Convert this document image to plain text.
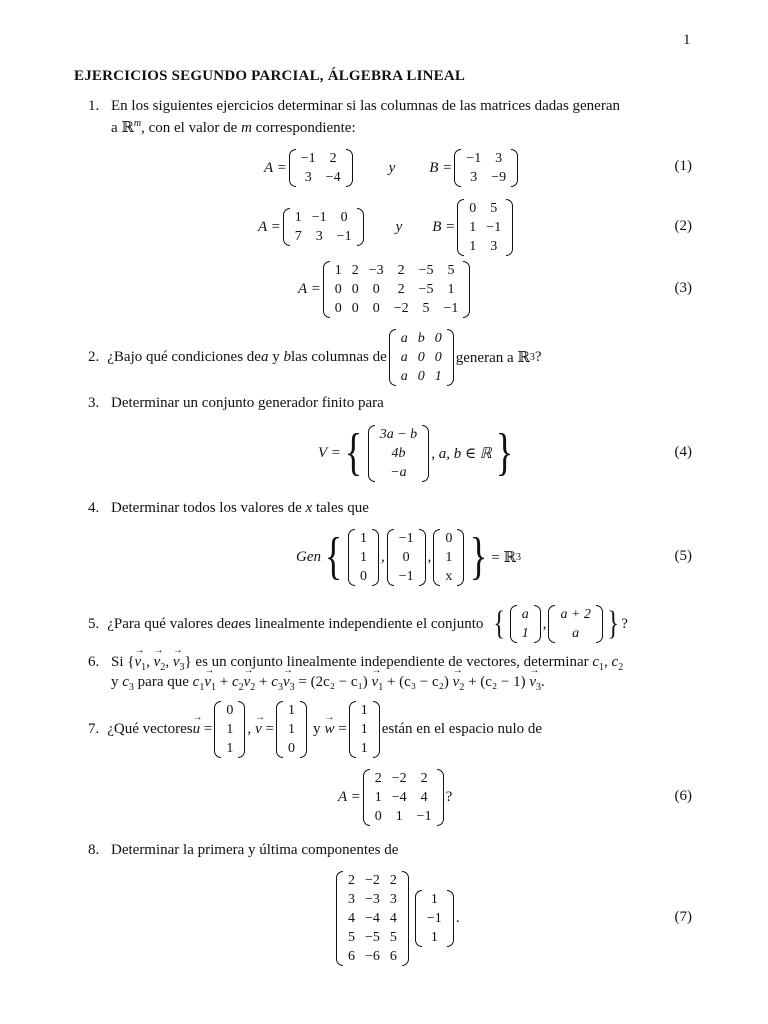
1
EJERCICIOS SEGUNDO PARCIAL, ÁLGEBRA LINEAL
1. En los siguientes ejercicios determinar si las columnas de las matrices dadas generan
a ℝ$^m$, con el valor de m correspondiente:
A =
−1	2
3	−4
y B =
−1	3
3	−9
(1)
A =
1	−1	0
7	3	−1
y B =
0	5
1	−1
1	3
(2)
A =
1	2	−3	2	−5	5
0	0	0	2	−5	1
0	0	0	−2	5	−1
(3)
2. ¿Bajo qué condiciones de a y b las columnas de
a	b	0
a	0	0
a	0	1
generan a ℝ 3 ?
3. Determinar un conjunto generador finito para
V = { 3a − b
4b
−a
, a, b ∈ ℝ }	(4)
4. Determinar todos los valores de x tales que
Gen { 1
1
0
,
−1
0
−1
,
0
1
x } = ℝ 3	(5)
5. ¿Para qué valores de a es linealmente independiente el conjunto { a
1
,
a + 2
a } ?
6. Si {$v \to_1$, $v \to_2$, $v \to_3$} es un conjunto linealmente independiente de vectores, determinar $c_1$, $c_2$
y $c_3$ para que $c_1v \to_1 + c_2v \to_2 + c_3v \to_3 = (2c_2 - c_1)$ $v \to_1 + (c_3 - c_2)$ $v \to_2 + (c_2 - 1)$ $v \to_3$.
7. ¿Qué vectores u → =
0
1
1
, v → =
1
1
0
y w → =
1
1
1
están en el espacio nulo de
A =
2	−2	2
1	−4	4
0	1	−1
?	(6)
8. Determinar la primera y última componentes de
2	−2	2
3	−3	3
4	−4	4
5	−5	5
6	−6	6
1
−1
1
.	(7)
